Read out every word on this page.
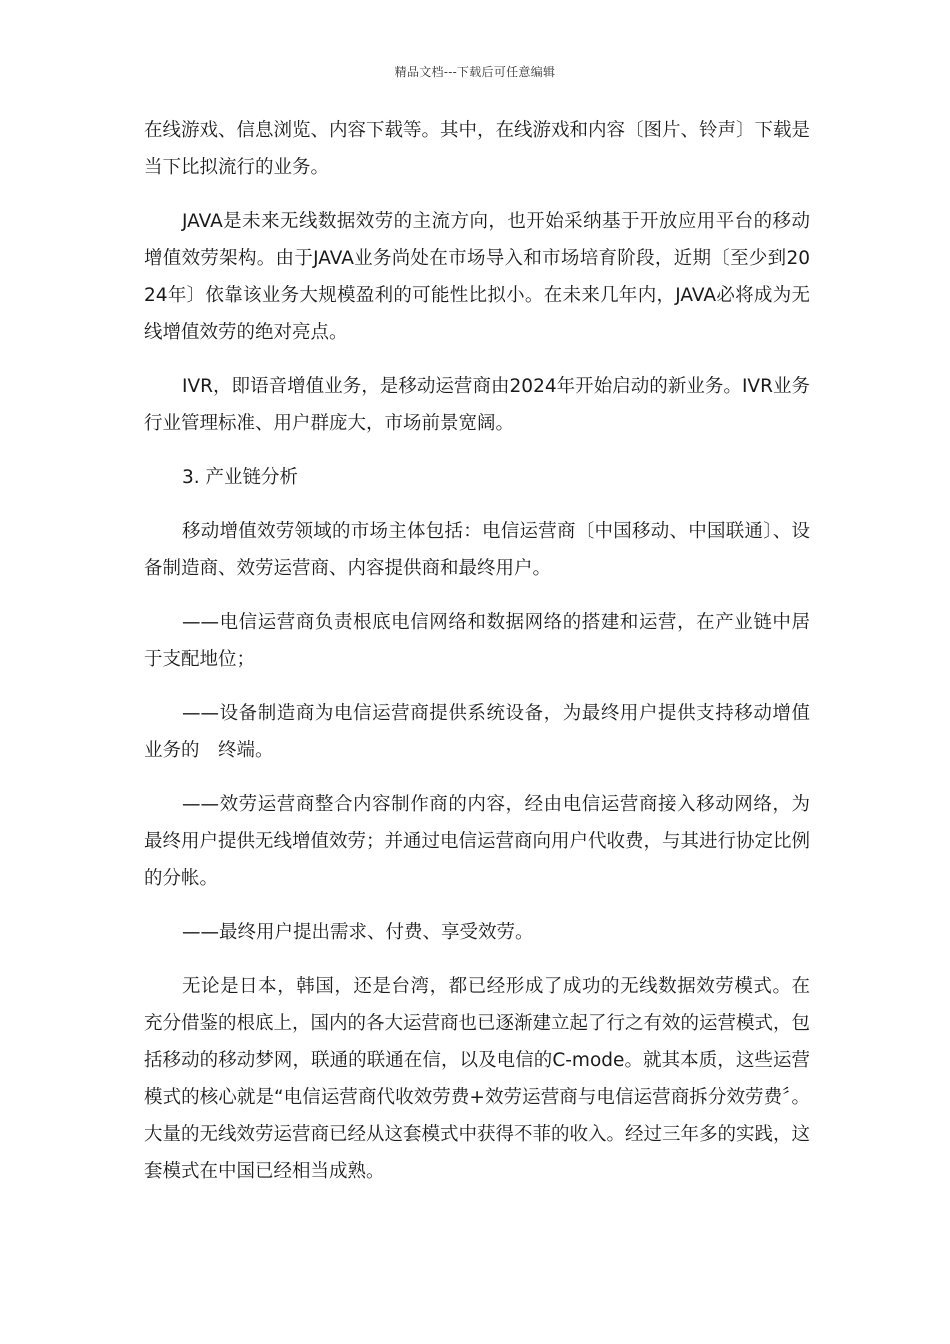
精品文档---下载后可任意编辑

在线游戏、信息浏览、内容下载等。其中，在线游戏和内容〔图片、铃声〕下载是当下比拟流行的业务。

JAVA是未来无线数据效劳的主流方向，也开始采纳基于开放应用平台的移动增值效劳架构。由于JAVA业务尚处在市场导入和市场培育阶段，近期〔至少到2024年〕依靠该业务大规模盈利的可能性比拟小。在未来几年内，JAVA必将成为无线增值效劳的绝对亮点。

IVR，即语音增值业务，是移动运营商由2024年开始启动的新业务。IVR业务行业管理标准、用户群庞大，市场前景宽阔。

3. 产业链分析

移动增值效劳领域的市场主体包括：电信运营商〔中国移动、中国联通〕、设备制造商、效劳运营商、内容提供商和最终用户。

——电信运营商负责根底电信网络和数据网络的搭建和运营，在产业链中居于支配地位；

——设备制造商为电信运营商提供系统设备，为最终用户提供支持移动增值业务的　终端。

——效劳运营商整合内容制作商的内容，经由电信运营商接入移动网络，为最终用户提供无线增值效劳；并通过电信运营商向用户代收费，与其进行协定比例的分帐。

——最终用户提出需求、付费、享受效劳。

无论是日本，韩国，还是台湾，都已经形成了成功的无线数据效劳模式。在充分借鉴的根底上，国内的各大运营商也已逐渐建立起了行之有效的运营模式，包括移动的移动梦网，联通的联通在信，以及电信的C-mode。就其本质，这些运营模式的核心就是“电信运营商代收效劳费+效劳运营商与电信运营商拆分效劳费〞。大量的无线效劳运营商已经从这套模式中获得不菲的收入。经过三年多的实践，这套模式在中国已经相当成熟。
